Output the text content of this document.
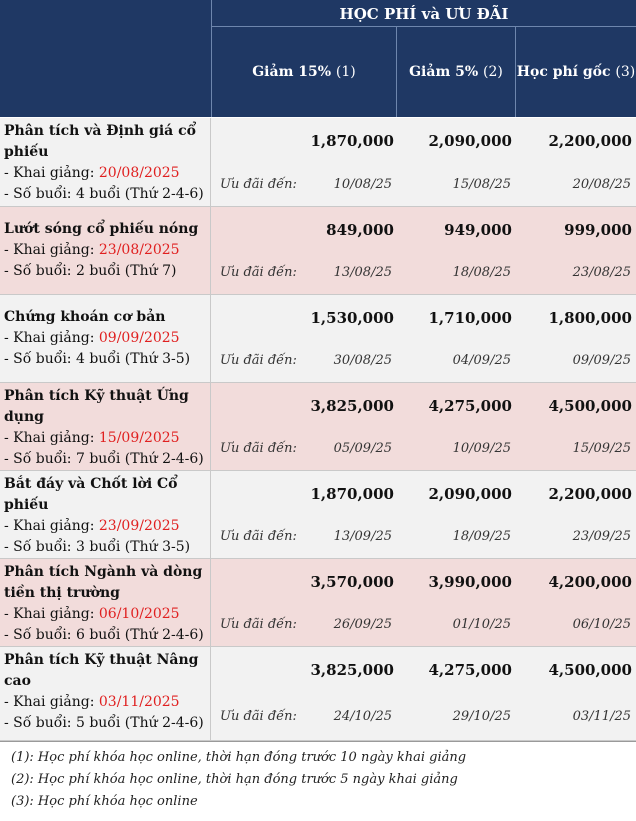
HỌC PHÍ và ƯU ĐÃI
Giảm 15% (1)	Giảm 5% (2) Học phí gốc (3)
Phân tích và Định giá cổ phiếu
- Khai giảng: 20/08/2025
- Số buổi: 4 buổi (Thứ 2-4-6)
1,870,000	2,090,000	2,200,000
Ưu đãi đến:	10/08/25	15/08/25	20/08/25
Lướt sóng cổ phiếu nóng
- Khai giảng: 23/08/2025
- Số buổi: 2 buổi (Thứ 7)
849,000	949,000	999,000
Ưu đãi đến:	13/08/25	18/08/25	23/08/25
Chứng khoán cơ bản
- Khai giảng: 09/09/2025
- Số buổi: 4 buổi (Thứ 3-5)
1,530,000	1,710,000	1,800,000
Ưu đãi đến:	30/08/25	04/09/25	09/09/25
Phân tích Kỹ thuật Ứng dụng
- Khai giảng: 15/09/2025
- Số buổi: 7 buổi (Thứ 2-4-6)
3,825,000	4,275,000	4,500,000
Ưu đãi đến:	05/09/25	10/09/25	15/09/25
Bắt đáy và Chốt lời Cổ phiếu
- Khai giảng: 23/09/2025
- Số buổi: 3 buổi (Thứ 3-5)
1,870,000	2,090,000	2,200,000
Ưu đãi đến:	13/09/25	18/09/25	23/09/25
Phân tích Ngành và dòng tiền thị trường
- Khai giảng: 06/10/2025
- Số buổi: 6 buổi (Thứ 2-4-6)
3,570,000	3,990,000	4,200,000
Ưu đãi đến:	26/09/25	01/10/25	06/10/25
Phân tích Kỹ thuật Nâng cao
- Khai giảng: 03/11/2025
- Số buổi: 5 buổi (Thứ 2-4-6)
3,825,000	4,275,000	4,500,000
Ưu đãi đến:	24/10/25	29/10/25	03/11/25
(1): Học phí khóa học online, thời hạn đóng trước 10 ngày khai giảng
(2): Học phí khóa học online, thời hạn đóng trước 5 ngày khai giảng
(3): Học phí khóa học online
